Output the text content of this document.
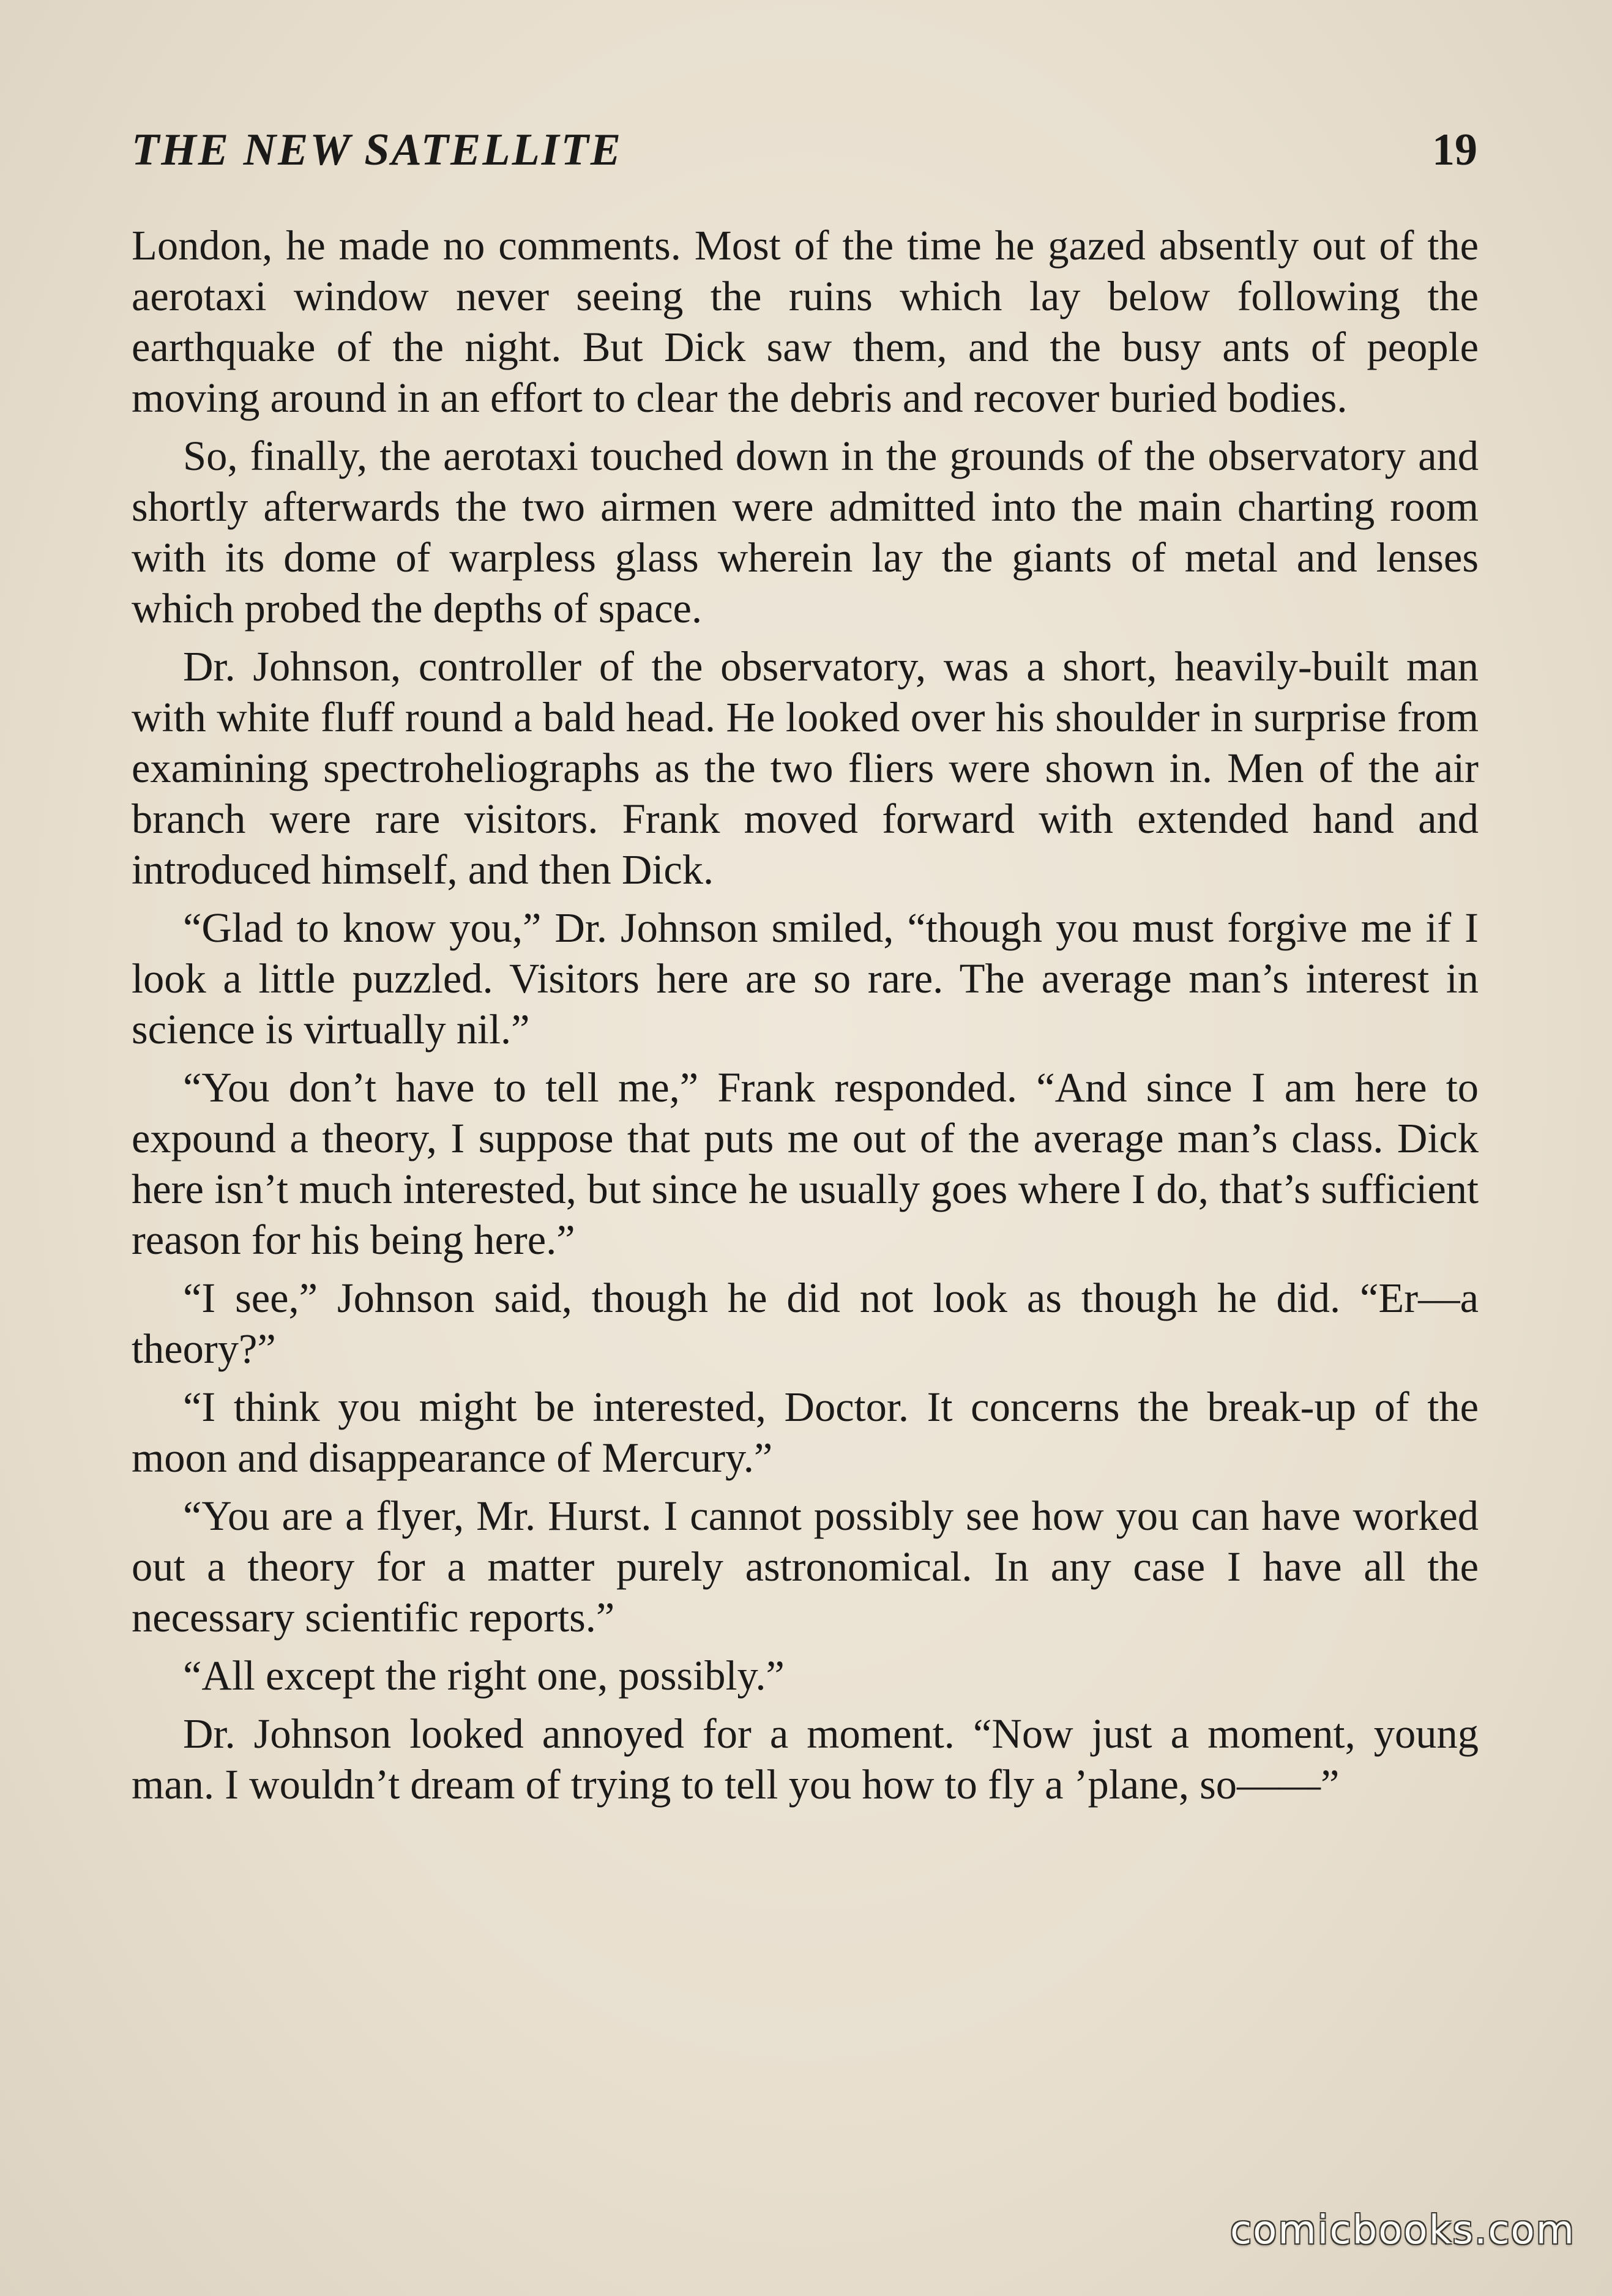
THE NEW SATELLITE	19

London, he made no comments. Most of the time he gazed absently out of the aerotaxi window never seeing the ruins which lay below following the earthquake of the night. But Dick saw them, and the busy ants of people moving around in an effort to clear the debris and recover buried bodies.

So, finally, the aerotaxi touched down in the grounds of the observatory and shortly afterwards the two airmen were admitted into the main charting room with its dome of warpless glass wherein lay the giants of metal and lenses which probed the depths of space.

Dr. Johnson, controller of the observatory, was a short, heavily-built man with white fluff round a bald head. He looked over his shoulder in surprise from examining spectroheliographs as the two fliers were shown in. Men of the air branch were rare visitors. Frank moved forward with extended hand and introduced himself, and then Dick.

“Glad to know you,” Dr. Johnson smiled, “though you must forgive me if I look a little puzzled. Visitors here are so rare. The average man’s interest in science is virtually nil.”

“You don’t have to tell me,” Frank responded. “And since I am here to expound a theory, I suppose that puts me out of the average man’s class. Dick here isn’t much interested, but since he usually goes where I do, that’s sufficient reason for his being here.”

“I see,” Johnson said, though he did not look as though he did. “Er—a theory?”

“I think you might be interested, Doctor. It concerns the break-up of the moon and disappearance of Mercury.”

“You are a flyer, Mr. Hurst. I cannot possibly see how you can have worked out a theory for a matter purely astronomical. In any case I have all the necessary scientific reports.”

“All except the right one, possibly.”

Dr. Johnson looked annoyed for a moment. “Now just a moment, young man. I wouldn’t dream of trying to tell you how to fly a ’plane, so——”

comicbooks.com
